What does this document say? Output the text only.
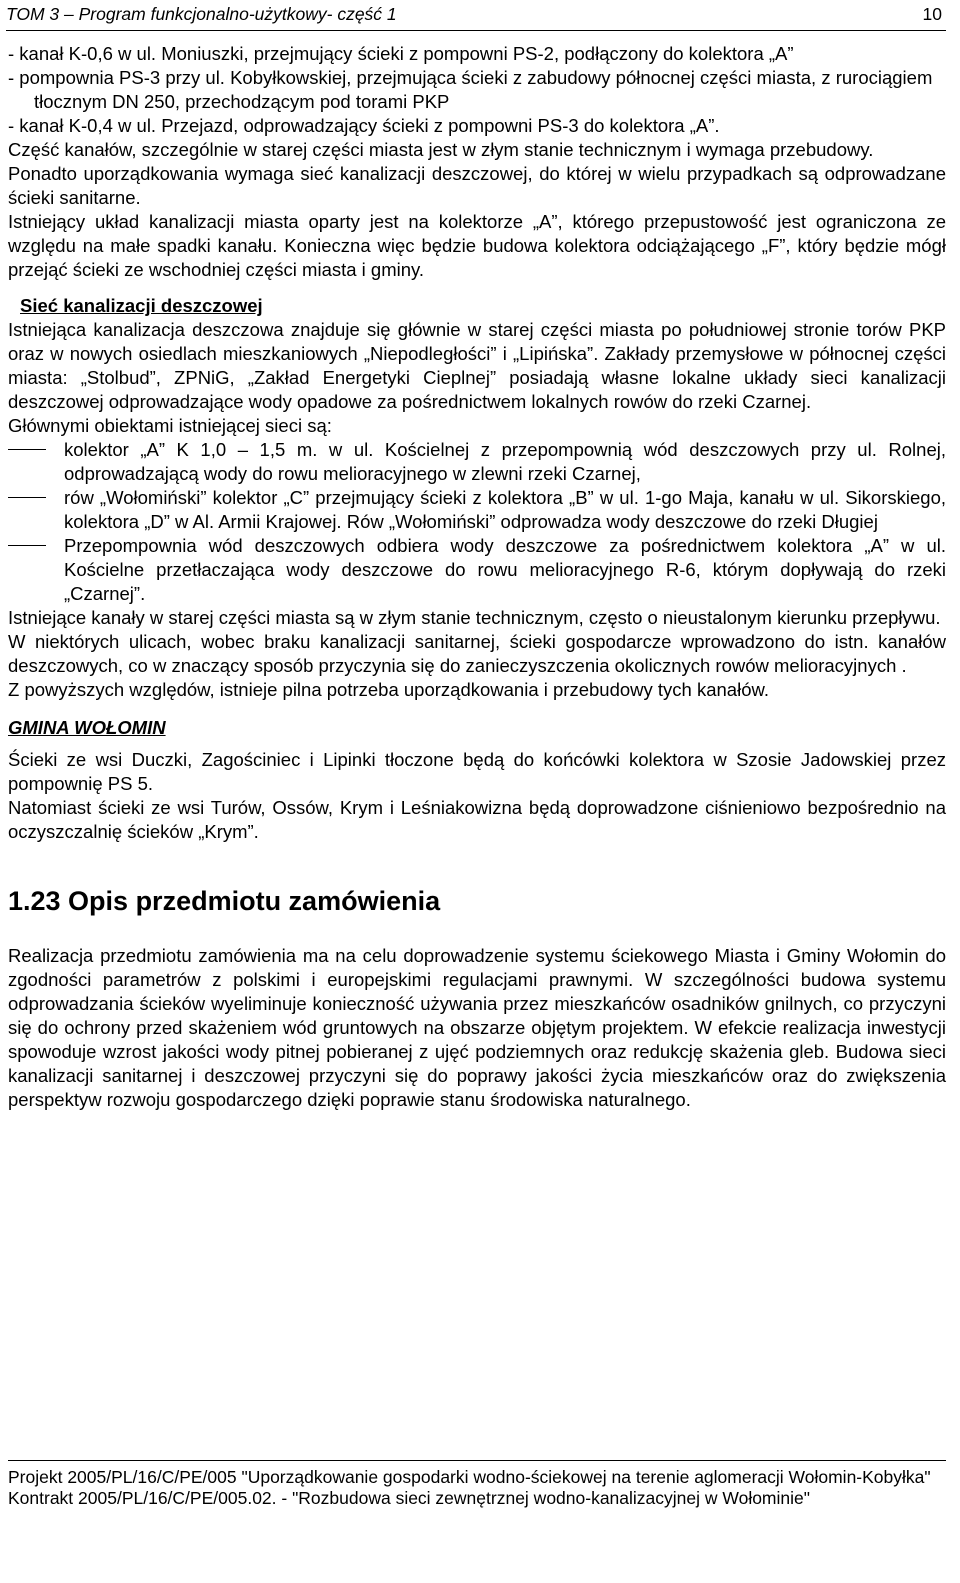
TOM 3 – Program funkcjonalno-użytkowy- część 1	10

- kanał K-0,6 w ul. Moniuszki, przejmujący ścieki z pompowni PS-2, podłączony do kolektora „A”

- pompownia PS-3 przy ul. Kobyłkowskiej, przejmująca ścieki z zabudowy północnej części miasta, z rurociągiem tłocznym DN 250, przechodzącym pod torami PKP

- kanał K-0,4 w ul. Przejazd, odprowadzający ścieki z pompowni PS-3 do kolektora „A”.

Część kanałów, szczególnie w starej części miasta jest w złym stanie technicznym i wymaga przebudowy.

Ponadto uporządkowania wymaga sieć kanalizacji deszczowej, do której w wielu przypadkach są odprowadzane ścieki sanitarne.

Istniejący układ kanalizacji miasta oparty jest na kolektorze „A”, którego przepustowość jest ograniczona ze względu na małe spadki kanału. Konieczna więc będzie budowa kolektora odciążającego „F”, który będzie mógł przejąć ścieki ze wschodniej części miasta i gminy.

Sieć kanalizacji deszczowej

Istniejąca kanalizacja deszczowa znajduje się głównie w starej części miasta po południowej stronie torów PKP oraz w nowych osiedlach mieszkaniowych „Niepodległości” i „Lipińska”. Zakłady przemysłowe w północnej części miasta: „Stolbud”, ZPNiG, „Zakład Energetyki Cieplnej” posiadają własne lokalne układy sieci kanalizacji deszczowej odprowadzające wody opadowe za pośrednictwem lokalnych rowów do rzeki Czarnej.

Głównymi obiektami istniejącej sieci są:

kolektor „A” K 1,0 – 1,5 m. w ul. Kościelnej z przepompownią wód deszczowych przy ul. Rolnej, odprowadzającą wody do rowu melioracyjnego w zlewni rzeki Czarnej,

rów „Wołomiński” kolektor „C” przejmujący ścieki z kolektora „B” w ul. 1-go Maja, kanału w ul. Sikorskiego, kolektora „D” w Al. Armii Krajowej. Rów „Wołomiński” odprowadza wody deszczowe do rzeki Długiej

Przepompownia wód deszczowych odbiera wody deszczowe za pośrednictwem kolektora „A” w ul. Kościelne przetłaczająca wody deszczowe do rowu melioracyjnego R-6, którym dopływają do rzeki „Czarnej”.

Istniejące kanały w starej części miasta są w złym stanie technicznym, często o nieustalonym kierunku przepływu.

W niektórych ulicach, wobec braku kanalizacji sanitarnej, ścieki gospodarcze wprowadzono do istn. kanałów deszczowych, co w znaczący sposób przyczynia się do zanieczyszczenia okolicznych rowów melioracyjnych .

Z powyższych względów, istnieje pilna potrzeba uporządkowania i przebudowy tych kanałów.

GMINA WOŁOMIN

Ścieki ze wsi Duczki, Zagościniec i Lipinki tłoczone będą do końcówki kolektora w Szosie Jadowskiej przez pompownię PS 5.

Natomiast ścieki ze wsi Turów, Ossów, Krym i Leśniakowizna będą doprowadzone ciśnieniowo bezpośrednio na oczyszczalnię ścieków „Krym”.

1.23 Opis przedmiotu zamówienia

Realizacja przedmiotu zamówienia ma na celu doprowadzenie systemu ściekowego Miasta i Gminy Wołomin do zgodności parametrów z polskimi i europejskimi regulacjami prawnymi. W szczególności budowa systemu odprowadzania ścieków wyeliminuje konieczność używania przez mieszkańców osadników gnilnych, co przyczyni się do ochrony przed skażeniem wód gruntowych na obszarze objętym projektem. W efekcie realizacja inwestycji spowoduje wzrost jakości wody pitnej pobieranej z ujęć podziemnych oraz redukcję skażenia gleb. Budowa sieci kanalizacji sanitarnej i deszczowej przyczyni się do poprawy jakości życia mieszkańców oraz do zwiększenia perspektyw rozwoju gospodarczego dzięki poprawie stanu środowiska naturalnego.

Projekt 2005/PL/16/C/PE/005 "Uporządkowanie gospodarki wodno-ściekowej na terenie aglomeracji Wołomin-Kobyłka"

Kontrakt 2005/PL/16/C/PE/005.02. - "Rozbudowa sieci zewnętrznej wodno-kanalizacyjnej w Wołominie"
